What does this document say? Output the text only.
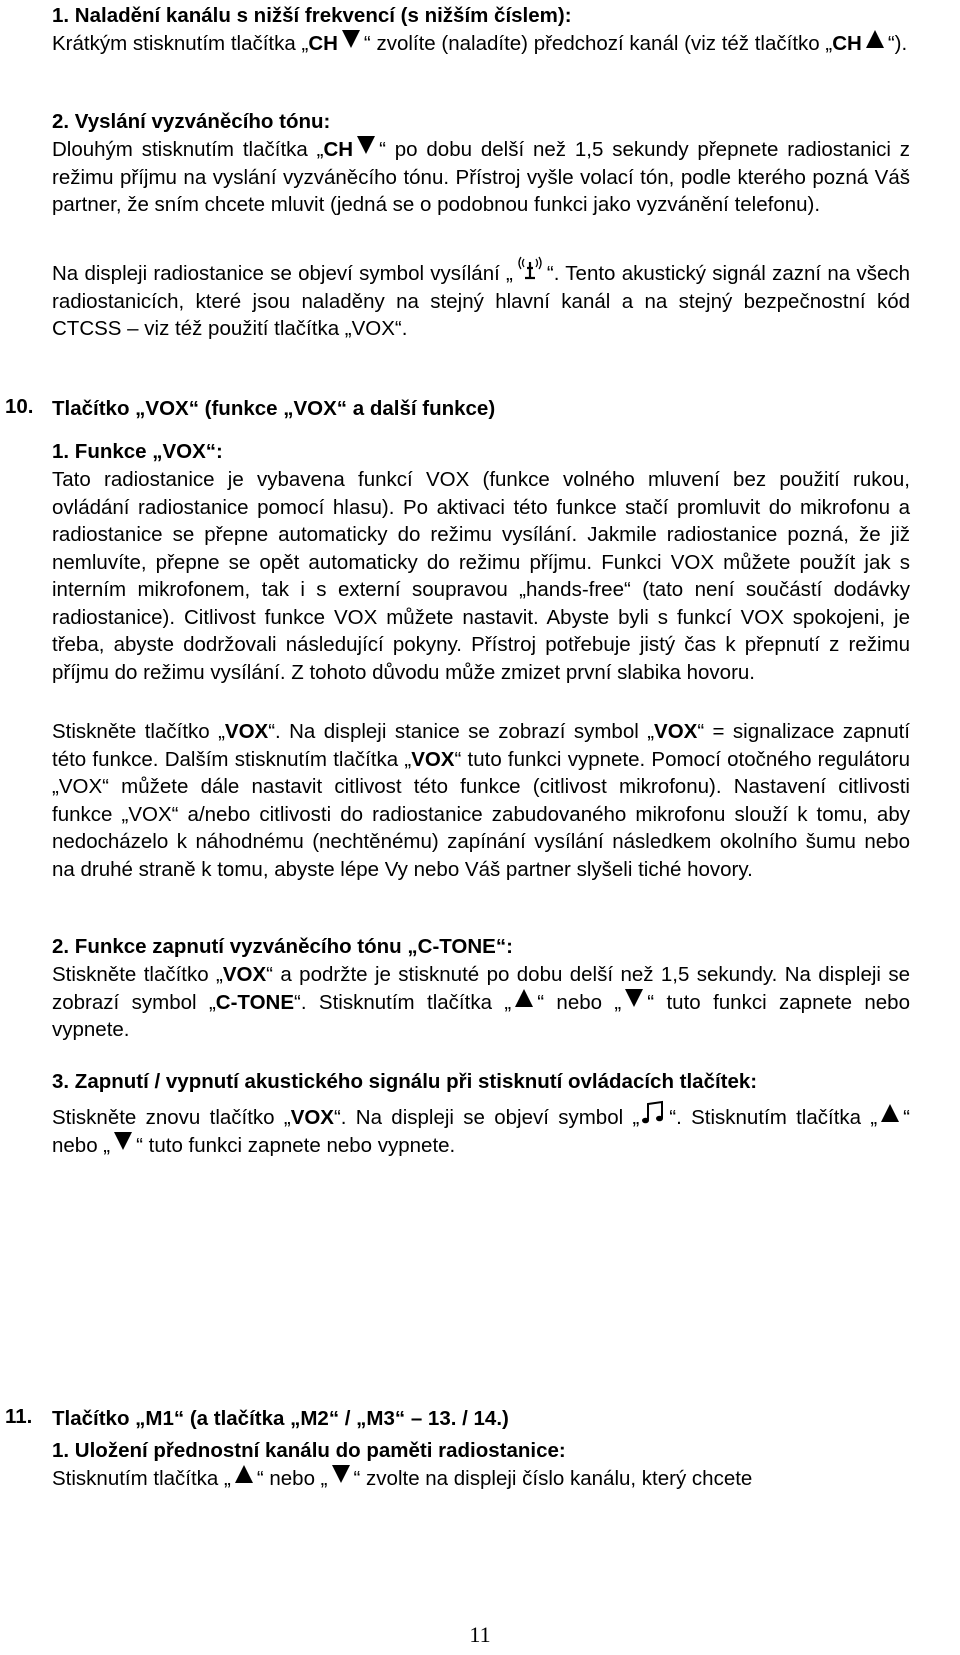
1. Naladění kanálu s nižší frekvencí (s nižším číslem):

Krátkým stisknutím tlačítka „CH “ zvolíte (naladíte) předchozí kanál (viz též tlačítko „CH “).

2. Vyslání vyzváněcího tónu:

Dlouhým stisknutím tlačítka „CH “ po dobu delší než 1,5 sekundy přepnete radiostanici z režimu příjmu na vyslání vyzváněcího tónu. Přístroj vyšle volací tón, podle kterého pozná Váš partner, že sním chcete mluvit (jedná se o podobnou funkci jako vyzvánění telefonu).

Na displeji radiostanice se objeví symbol vysílání „ “. Tento akustický signál zazní na všech radiostanicích, které jsou naladěny na stejný hlavní kanál a na stejný bezpečnostní kód CTCSS – viz též použití tlačítka „VOX“.

10. Tlačítko „VOX“ (funkce „VOX“ a další funkce)

1. Funkce „VOX“:

Tato radiostanice je vybavena funkcí VOX (funkce volného mluvení bez použití rukou, ovládání radiostanice pomocí hlasu). Po aktivaci této funkce stačí promluvit do mikrofonu a radiostanice se přepne automaticky do režimu vysílání. Jakmile radiostanice pozná, že již nemluvíte, přepne se opět automaticky do režimu příjmu. Funkci VOX můžete použít jak s interním mikrofonem, tak i s externí soupravou „hands-free“ (tato není součástí dodávky radiostanice). Citlivost funkce VOX můžete nastavit. Abyste byli s funkcí VOX spokojeni, je třeba, abyste dodržovali následující pokyny. Přístroj potřebuje jistý čas k přepnutí z režimu příjmu do režimu vysílání. Z tohoto důvodu může zmizet první slabika hovoru.

Stiskněte tlačítko „VOX“. Na displeji stanice se zobrazí symbol „VOX“ = signalizace zapnutí této funkce. Dalším stisknutím tlačítka „VOX“ tuto funkci vypnete. Pomocí otočného regulátoru „VOX“ můžete dále nastavit citlivost této funkce (citlivost mikrofonu). Nastavení citlivosti funkce „VOX“ a/nebo citlivosti do radiostanice zabudovaného mikrofonu slouží k tomu, aby nedocházelo k náhodnému (nechtěnému) zapínání vysílání následkem okolního šumu nebo na druhé straně k tomu, abyste lépe Vy nebo Váš partner slyšeli tiché hovory.

2. Funkce zapnutí vyzváněcího tónu „C-TONE“:

Stiskněte tlačítko „VOX“ a podržte je stisknuté po dobu delší než 1,5 sekundy. Na displeji se zobrazí symbol „C-TONE“. Stisknutím tlačítka „ “ nebo „ “ tuto funkci zapnete nebo vypnete.

3. Zapnutí / vypnutí akustického signálu při stisknutí ovládacích tlačítek:

Stiskněte znovu tlačítko „VOX“. Na displeji se objeví symbol „ “. Stisknutím tlačítka „ “ nebo „ “ tuto funkci zapnete nebo vypnete.

11. Tlačítko „M1“ (a tlačítka „M2“ / „M3“ – 13. / 14.)

1. Uložení přednostní kanálu do paměti radiostanice:

Stisknutím tlačítka „ “ nebo „ “ zvolte na displeji číslo kanálu, který chcete

11
